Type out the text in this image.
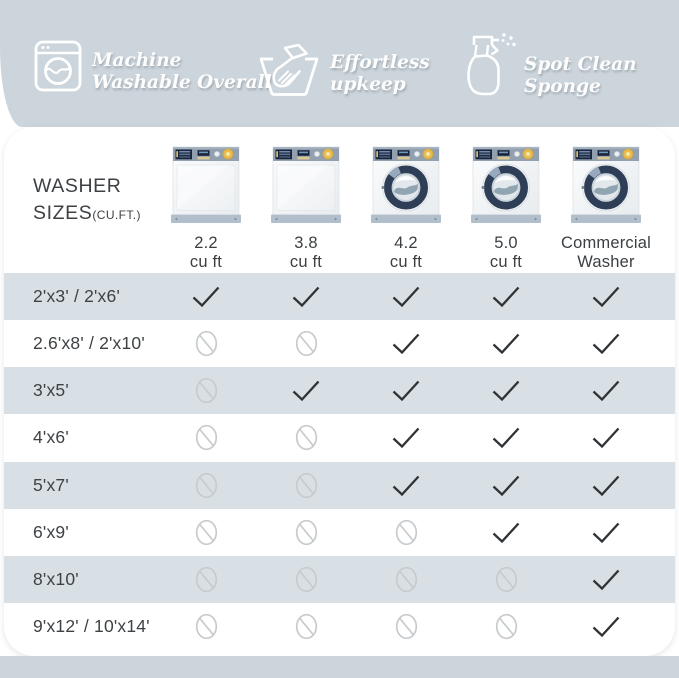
Machine
Washable Overall
Effortless
upkeep
Spot Clean
Sponge
WASHER
SIZES(CU.FT.)
2.2
cu ft
3.8
cu ft
4.2
cu ft
5.0
cu ft
Commercial
Washer
2'x3' / 2'x6'
2.6'x8' / 2'x10'
3'x5'
4'x6'
5'x7'
6'x9'
8'x10'
9'x12' / 10'x14'
